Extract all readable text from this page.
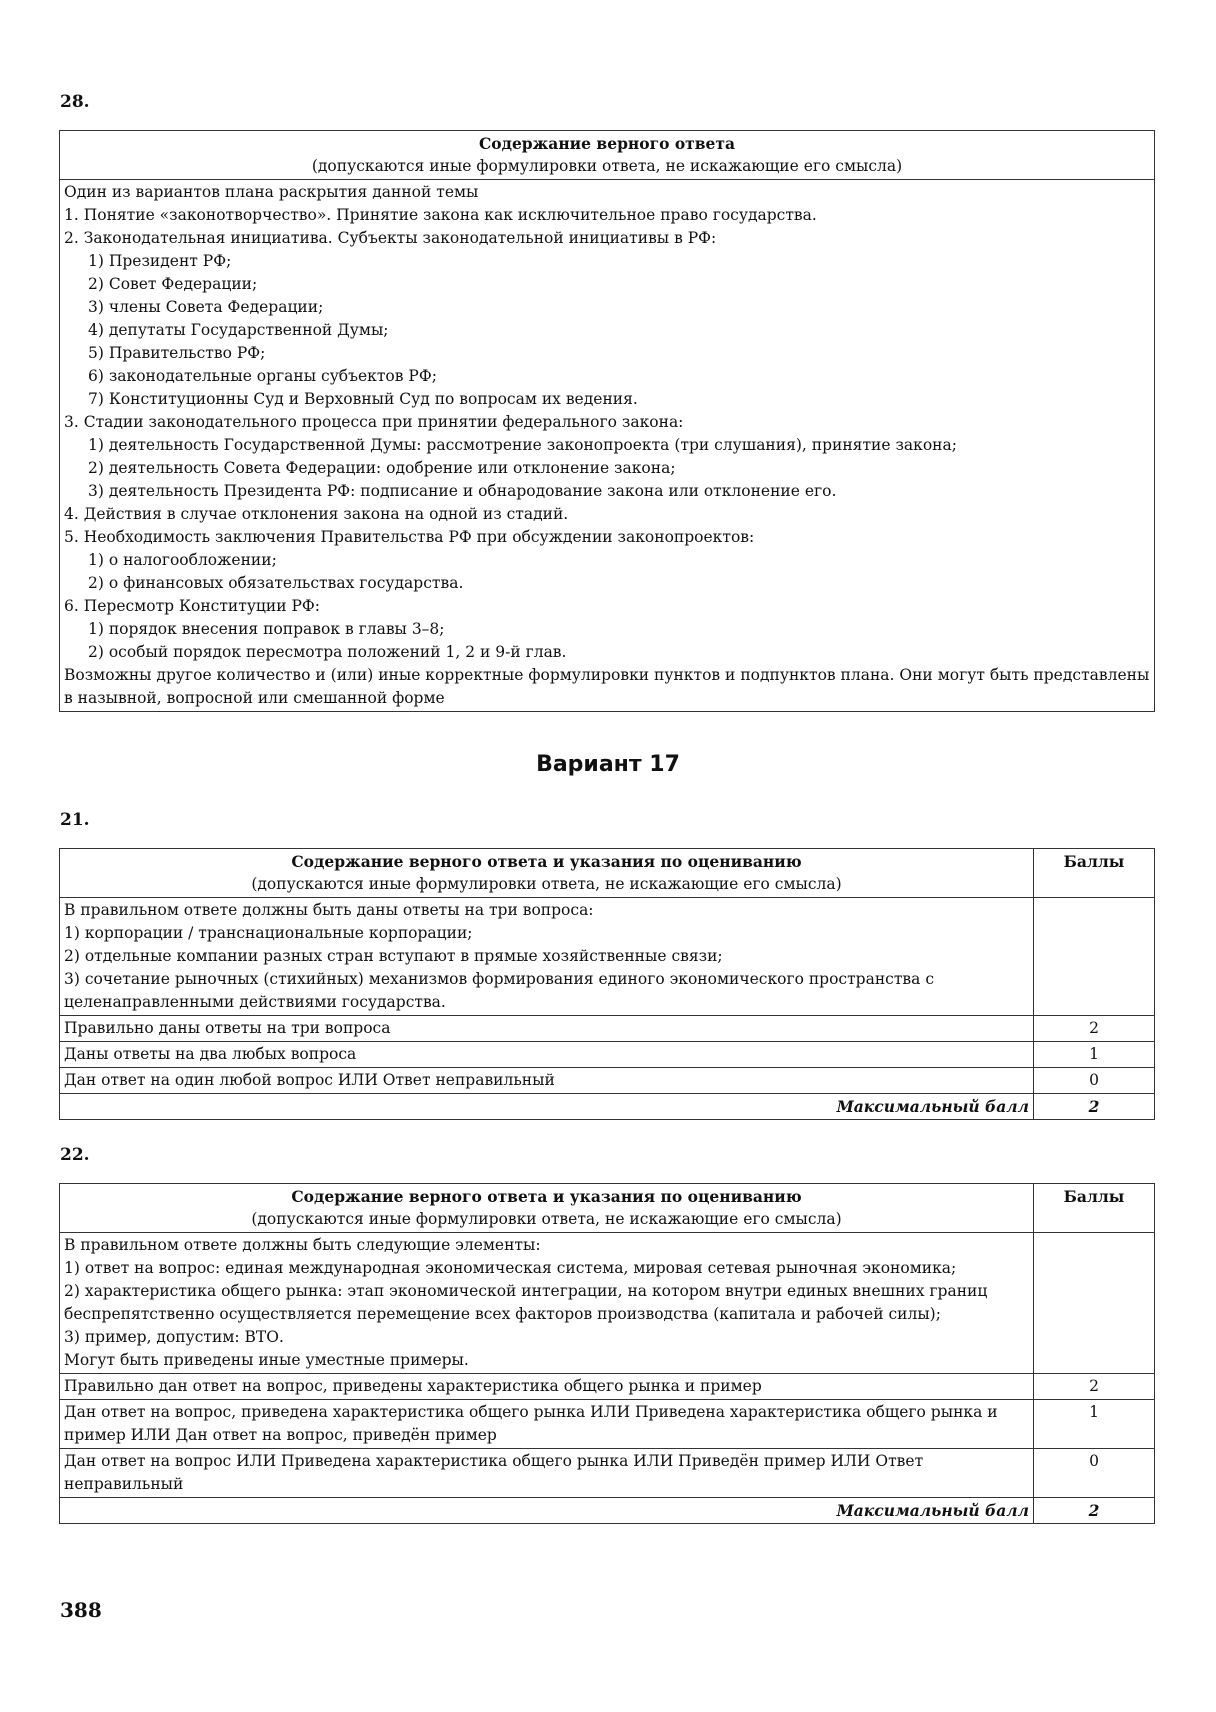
28.
Содержание верного ответа
(допускаются иные формулировки ответа, не искажающие его смысла)

Один из вариантов плана раскрытия данной темы
1. Понятие «законотворчество». Принятие закона как исключительное право государства.
2. Законодательная инициатива. Субъекты законодательной инициативы в РФ:
1) Президент РФ;
2) Совет Федерации;
3) члены Совета Федерации;
4) депутаты Государственной Думы;
5) Правительство РФ;
6) законодательные органы субъектов РФ;
7) Конституционны Суд и Верховный Суд по вопросам их ведения.
3. Стадии законодательного процесса при принятии федерального закона:
1) деятельность Государственной Думы: рассмотрение законопроекта (три слушания), принятие закона;
2) деятельность Совета Федерации: одобрение или отклонение закона;
3) деятельность Президента РФ: подписание и обнародование закона или отклонение его.
4. Действия в случае отклонения закона на одной из стадий.
5. Необходимость заключения Правительства РФ при обсуждении законопроектов:
1) о налогообложении;
2) о финансовых обязательствах государства.
6. Пересмотр Конституции РФ:
1) порядок внесения поправок в главы 3–8;
2) особый порядок пересмотра положений 1, 2 и 9-й глав.
Возможны другое количество и (или) иные корректные формулировки пунктов и подпунктов плана. Они могут быть представлены в назывной, вопросной или смешанной форме
Вариант 17
21.
Содержание верного ответа и указания по оцениванию
(допускаются иные формулировки ответа, не искажающие его смысла)	Баллы

В правильном ответе должны быть даны ответы на три вопроса:
1) корпорации / транснациональные корпорации;
2) отдельные компании разных стран вступают в прямые хозяйственные связи;
3) сочетание рыночных (стихийных) механизмов формирования единого экономического пространства с целенаправленными действиями государства.	

Правильно даны ответы на три вопроса	2
Даны ответы на два любых вопроса	1
Дан ответ на один любой вопрос ИЛИ Ответ неправильный	0
Максимальный балл	2
22.
Содержание верного ответа и указания по оцениванию
(допускаются иные формулировки ответа, не искажающие его смысла)	Баллы

В правильном ответе должны быть следующие элементы:
1) ответ на вопрос: единая международная экономическая система, мировая сетевая рыночная экономика;
2) характеристика общего рынка: этап экономической интеграции, на котором внутри единых внешних границ беспрепятственно осуществляется перемещение всех факторов производства (капитала и рабочей силы);
3) пример, допустим: ВТО.
Могут быть приведены иные уместные примеры.	

Правильно дан ответ на вопрос, приведены характеристика общего рынка и пример	2
Дан ответ на вопрос, приведена характеристика общего рынка ИЛИ Приведена характеристика общего рынка и пример ИЛИ Дан ответ на вопрос, приведён пример	1
Дан ответ на вопрос ИЛИ Приведена характеристика общего рынка ИЛИ Приведён пример ИЛИ Ответ неправильный	0
Максимальный балл	2
388
